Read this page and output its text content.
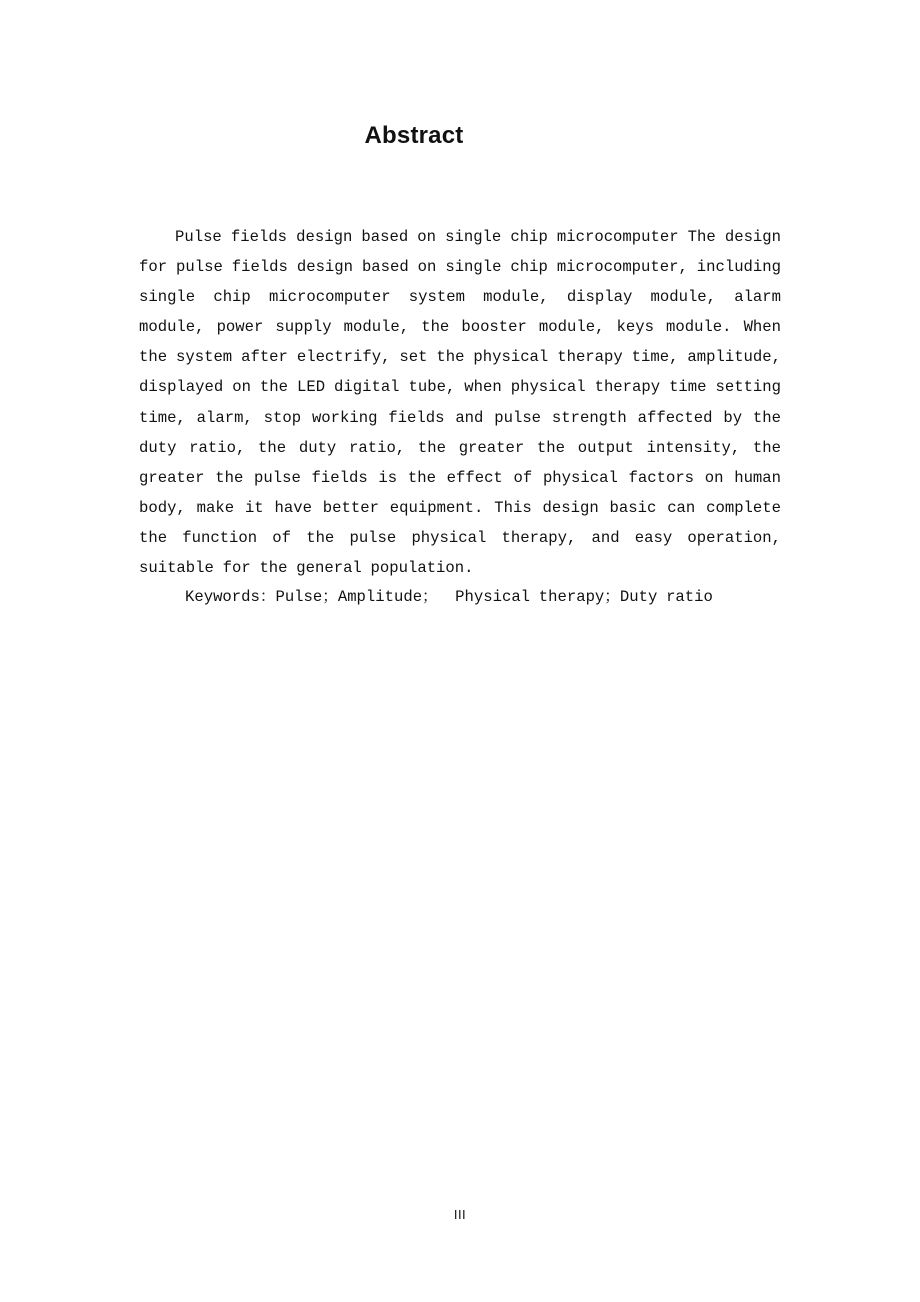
Abstract

Pulse fields design based on single chip microcomputer The design for pulse fields design based on single chip microcomputer, including single chip microcomputer system module, display module, alarm module, power supply module, the booster module, keys module. When the system after electrify, set the physical therapy time, amplitude, displayed on the LED digital tube, when physical therapy time setting time, alarm, stop working fields and pulse strength affected by the duty ratio, the duty ratio, the greater the output intensity, the greater the pulse fields is the effect of physical factors on human body, make it have better equipment. This design basic can complete the function of the pulse physical therapy, and easy operation, suitable for the general population.

Keywords：Pulse；Amplitude；  Physical therapy；Duty ratio
III
